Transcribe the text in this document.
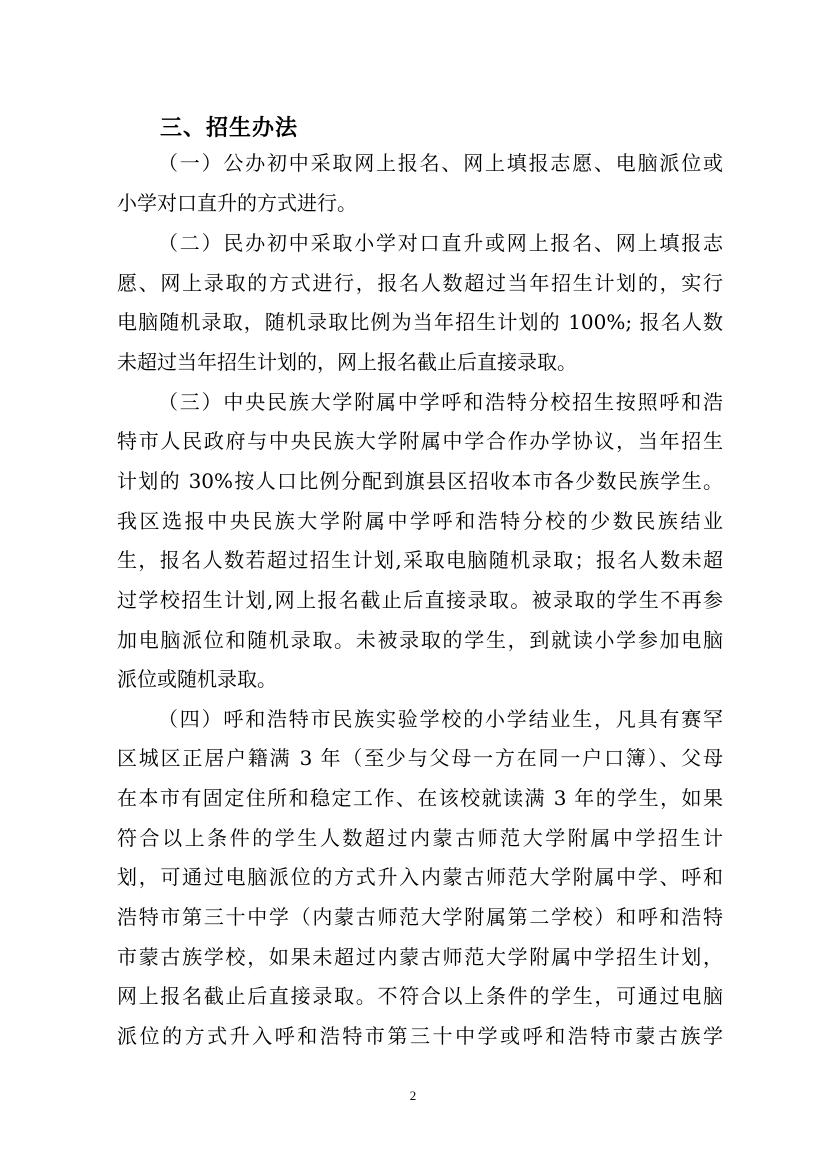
三、招生办法
（一）公办初中采取网上报名、网上填报志愿、电脑派位或
小学对口直升的方式进行。
（二）民办初中采取小学对口直升或网上报名、网上填报志
愿、网上录取的方式进行，报名人数超过当年招生计划的，实行
电脑随机录取，随机录取比例为当年招生计划的 100%; 报名人数
未超过当年招生计划的，网上报名截止后直接录取。
（三）中央民族大学附属中学呼和浩特分校招生按照呼和浩
特市人民政府与中央民族大学附属中学合作办学协议，当年招生
计划的 30%按人口比例分配到旗县区招收本市各少数民族学生。
我区选报中央民族大学附属中学呼和浩特分校的少数民族结业
生，报名人数若超过招生计划,采取电脑随机录取；报名人数未超
过学校招生计划,网上报名截止后直接录取。被录取的学生不再参
加电脑派位和随机录取。未被录取的学生，到就读小学参加电脑
派位或随机录取。
（四）呼和浩特市民族实验学校的小学结业生，凡具有赛罕
区城区正居户籍满 3 年（至少与父母一方在同一户口簿）、父母
在本市有固定住所和稳定工作、在该校就读满 3 年的学生，如果
符合以上条件的学生人数超过内蒙古师范大学附属中学招生计
划，可通过电脑派位的方式升入内蒙古师范大学附属中学、呼和
浩特市第三十中学（内蒙古师范大学附属第二学校）和呼和浩特
市蒙古族学校，如果未超过内蒙古师范大学附属中学招生计划，
网上报名截止后直接录取。不符合以上条件的学生，可通过电脑
派位的方式升入呼和浩特市第三十中学或呼和浩特市蒙古族学
2
